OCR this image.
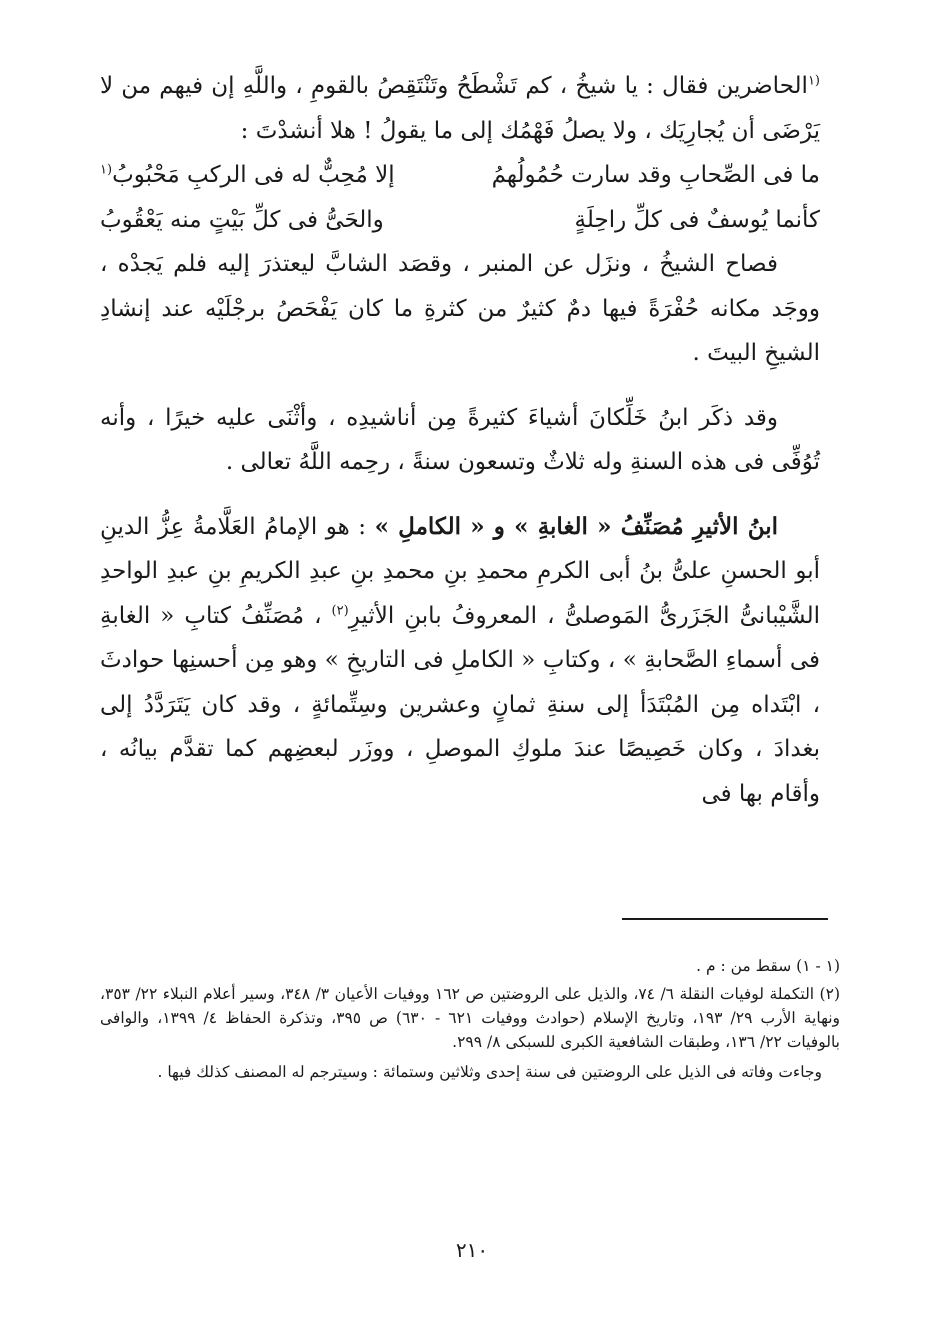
$^{(١}$الحاضرين فقال : يا شيخُ ، كم تَشْطَحُ وتَنْتَقِصُ بالقومِ ، واللَّهِ إن فيهم من لا يَرْضَى أن يُجارِيَك ، ولا يصلُ فَهْمُك إلى ما يقولُ ! هلا أنشدْتَ :

ما فى الصِّحابِ وقد سارت حُمُولُهمُ
إلا مُحِبٌّ له فى الركبِ مَحْبُوبُ$^{(١}$
كأنما يُوسفٌ فى كلِّ راحِلَةٍ
والحَىُّ فى كلِّ بَيْتٍ منه يَعْقُوبُ

فصاح الشيخُ ، ونزَل عن المنبر ، وقصَد الشابَّ ليعتذرَ إليه فلم يَجدْه ، ووجَد مكانه حُفْرَةً فيها دمٌ كثيرٌ من كثرةِ ما كان يَفْحَصُ برجْلَيْه عند إنشادِ الشيخِ البيتَ .

وقد ذكَر ابنُ خَلِّكانَ أشياءَ كثيرةً مِن أناشيدِه ، وأثْنَى عليه خيرًا ، وأنه تُوُفِّى فى هذه السنةِ وله ثلاثٌ وتسعون سنةً ، رحِمه اللَّهُ تعالى .

ابنُ الأثيرِ مُصَنِّفُ « الغابةِ » و « الكاملِ » : هو الإمامُ العَلَّامةُ عِزُّ الدينِ أبو الحسنِ علىُّ بنُ أبى الكرمِ محمدِ بنِ محمدِ بنِ عبدِ الكريمِ بنِ عبدِ الواحدِ الشَّيْبانىُّ الجَزَرىُّ المَوصلىُّ ، المعروفُ بابنِ الأثيرِ$^{(٢)}$ ، مُصَنِّفُ كتابِ « الغابةِ فى أسماءِ الصَّحابةِ » ، وكتابِ « الكاملِ فى التاريخِ » وهو مِن أحسنِها حوادثَ ، ابْتَداه مِن المُبْتَدَأ إلى سنةِ ثمانٍ وعشرين وسِتِّمائةٍ ، وقد كان يَتَرَدَّدُ إلى بغدادَ ، وكان خَصِيصًا عندَ ملوكِ الموصلِ ، ووزَر لبعضِهم كما تقدَّم بيانُه ، وأقام بها فى

(١ - ١) سقط من : م .

(٢) التكملة لوفيات النقلة ٦/ ٧٤، والذيل على الروضتين ص ١٦٢ ووفيات الأعيان ٣/ ٣٤٨، وسير أعلام النبلاء ٢٢/ ٣٥٣، ونهاية الأرب ٢٩/ ١٩٣، وتاريخ الإسلام (حوادث ووفيات ٦٢١ - ٦٣٠) ص ٣٩٥، وتذكرة الحفاظ ٤/ ١٣٩٩، والوافى بالوفيات ٢٢/ ١٣٦، وطبقات الشافعية الكبرى للسبكى ٨/ ٢٩٩.

وجاءت وفاته فى الذيل على الروضتين فى سنة إحدى وثلاثين وستمائة : وسيترجم له المصنف كذلك فيها .

٢١٠
